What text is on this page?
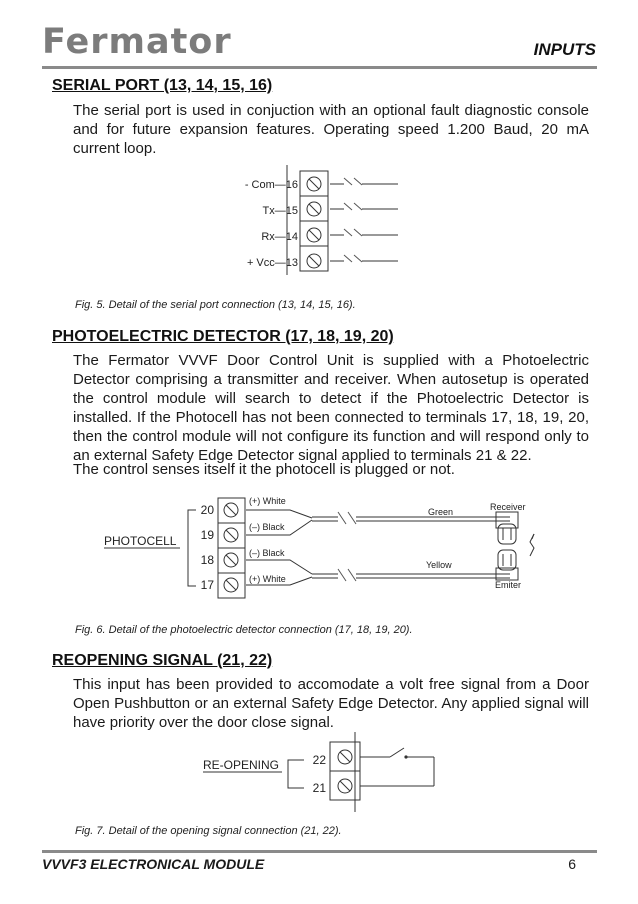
Fermator	INPUTS
SERIAL PORT (13, 14, 15, 16)

The serial port is used in conjuction with an optional fault diagnostic console and for future expansion features. Operating speed 1.200 Baud, 20 mA current loop.

- Com—16
Tx—15
Rx—14
+ Vcc—13

Fig. 5. Detail of the serial port connection (13, 14, 15, 16).

PHOTOELECTRIC DETECTOR (17, 18, 19, 20)

The Fermator VVVF Door Control Unit is supplied with a Photoelectric Detector comprising a transmitter and receiver. When autosetup is operated the control module will search to detect if the Photoelectric Detector is installed. If the Photocell has not been connected to terminals 17, 18, 19, 20, then the control module will not configure its function and will respond only to an external Safety Edge Detector signal applied to terminals 21 & 22.

The control senses itself it the photocell is plugged or not.

PHOTOCELL
20
(+) White
19
(–) Black
18	(–) Black
17	(+) White
Green
Yellow
Receiver
Emiter

Fig. 6. Detail of the photoelectric detector connection (17, 18, 19, 20).

REOPENING SIGNAL (21, 22)

This input has been provided to accomodate a volt free signal from a Door Open Pushbutton or an external Safety Edge Detector. Any applied signal will have priority over the door close signal.

RE-OPENING	22
21

Fig. 7. Detail of the opening signal connection (21, 22).

VVVF3 ELECTRONICAL MODULE	6
